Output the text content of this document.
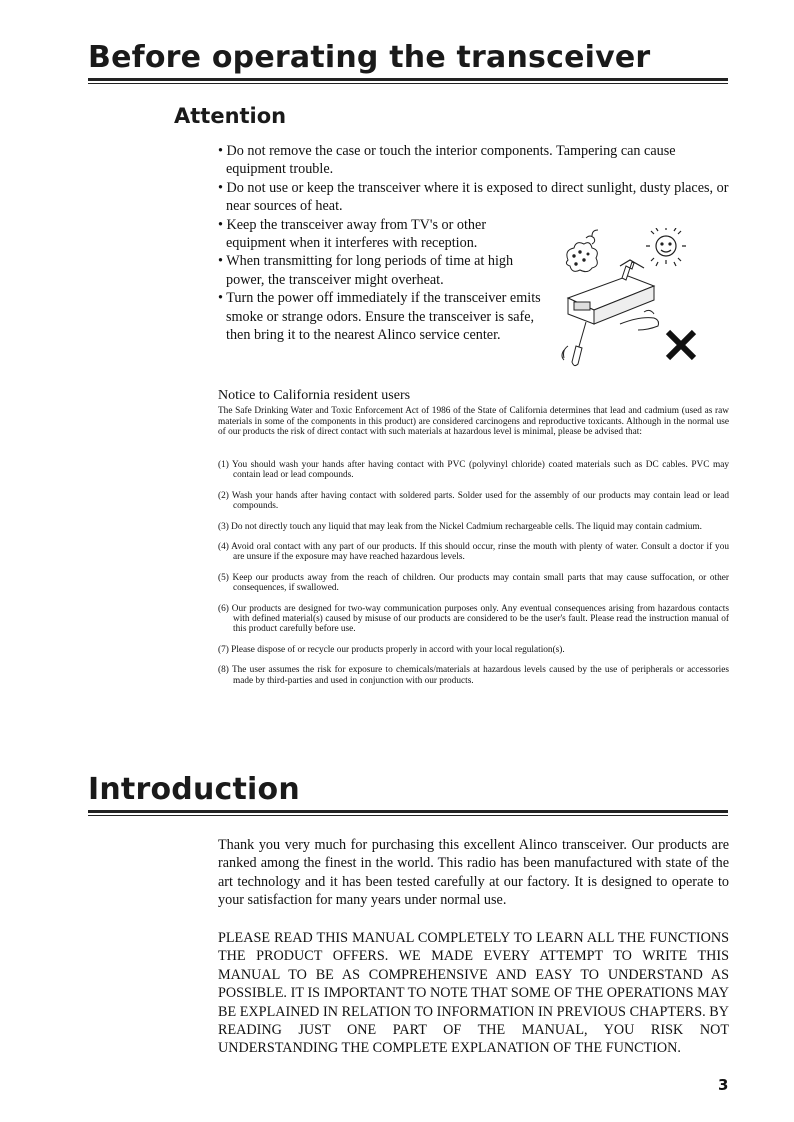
Before operating the transceiver
Attention

• Do not remove the case or touch the interior components. Tampering can cause equipment trouble.

• Do not use or keep the transceiver where it is exposed to direct sunlight, dusty places, or near sources of heat.

• Keep the transceiver away from TV's or other equipment when it interferes with reception.

• When transmitting for long periods of time at high power, the transceiver might overheat.

• Turn the power off immediately if the transceiver emits smoke or strange odors. Ensure the transceiver is safe, then bring it to the nearest Alinco service center.

Notice to California resident users
The Safe Drinking Water and Toxic Enforcement Act of 1986 of the State of California determines that lead and cadmium (used as raw materials in some of the components in this product) are considered carcinogens and reproductive toxicants. Although in the normal use of our products the risk of direct contact with such materials at hazardous level is minimal, please be advised that:

(1) You should wash your hands after having contact with PVC (polyvinyl chloride) coated materials such as DC cables. PVC may contain lead or lead compounds.

(2) Wash your hands after having contact with soldered parts. Solder used for the assembly of our products may contain lead or lead compounds.

(3) Do not directly touch any liquid that may leak from the Nickel Cadmium rechargeable cells. The liquid may contain cadmium.

(4) Avoid oral contact with any part of our products. If this should occur, rinse the mouth with plenty of water. Consult a doctor if you are unsure if the exposure may have reached hazardous levels.

(5) Keep our products away from the reach of children. Our products may contain small parts that may cause suffocation, or other consequences, if swallowed.

(6) Our products are designed for two-way communication purposes only. Any eventual consequences arising from hazardous contacts with defined material(s) caused by misuse of our products are considered to be the user's fault. Please read the instruction manual of this product carefully before use.

(7) Please dispose of or recycle our products properly in accord with your local regulation(s).

(8) The user assumes the risk for exposure to chemicals/materials at hazardous levels caused by the use of peripherals or accessories made by third-parties and used in conjunction with our products.

Introduction
Thank you very much for purchasing this excellent Alinco transceiver. Our products are ranked among the finest in the world. This radio has been manufactured with state of the art technology and it has been tested carefully at our factory. It is designed to operate to your satisfaction for many years under normal use.
PLEASE READ THIS MANUAL COMPLETELY TO LEARN ALL THE FUNCTIONS THE PRODUCT OFFERS. WE MADE EVERY ATTEMPT TO WRITE THIS MANUAL TO BE AS COMPREHENSIVE AND EASY TO UNDERSTAND AS POSSIBLE. IT IS IMPORTANT TO NOTE THAT SOME OF THE OPERATIONS MAY BE EXPLAINED IN RELATION TO INFORMATION IN PREVIOUS CHAPTERS. BY READING JUST ONE PART OF THE MANUAL, YOU RISK NOT UNDERSTANDING THE COMPLETE EXPLANATION OF THE FUNCTION.
3
